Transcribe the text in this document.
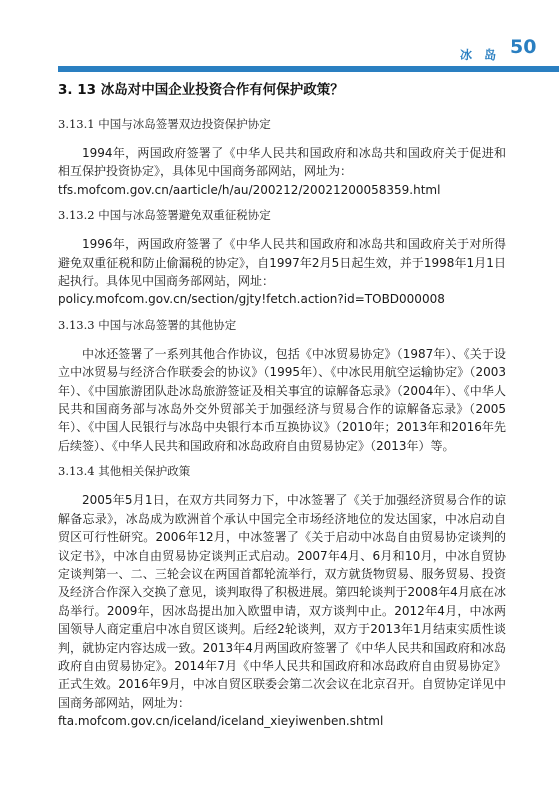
冰 岛 50
3. 13 冰岛对中国企业投资合作有何保护政策？
3.13.1 中国与冰岛签署双边投资保护协定

1994年，两国政府签署了《中华人民共和国政府和冰岛共和国政府关于促进和相互保护投资协定》，具体见中国商务部网站，网址为：
tfs.mofcom.gov.cn/aarticle/h/au/200212/20021200058359.html

3.13.2 中国与冰岛签署避免双重征税协定

1996年，两国政府签署了《中华人民共和国政府和冰岛共和国政府关于对所得避免双重征税和防止偷漏税的协定》，自1997年2月5日起生效，并于1998年1月1日起执行。具体见中国商务部网站，网址：
policy.mofcom.gov.cn/section/gjty!fetch.action?id=TOBD000008

3.13.3 中国与冰岛签署的其他协定

中冰还签署了一系列其他合作协议，包括《中冰贸易协定》（1987年）、《关于设立中冰贸易与经济合作联委会的协议》（1995年）、《中冰民用航空运输协定》（2003年）、《中国旅游团队赴冰岛旅游签证及相关事宜的谅解备忘录》（2004年）、《中华人民共和国商务部与冰岛外交外贸部关于加强经济与贸易合作的谅解备忘录》（2005年）、《中国人民银行与冰岛中央银行本币互换协议》（2010年；2013年和2016年先后续签）、《中华人民共和国政府和冰岛政府自由贸易协定》（2013年）等。

3.13.4 其他相关保护政策

2005年5月1日，在双方共同努力下，中冰签署了《关于加强经济贸易合作的谅解备忘录》，冰岛成为欧洲首个承认中国完全市场经济地位的发达国家，中冰启动自贸区可行性研究。2006年12月，中冰签署了《关于启动中冰岛自由贸易协定谈判的议定书》，中冰自由贸易协定谈判正式启动。2007年4月、6月和10月，中冰自贸协定谈判第一、二、三轮会议在两国首都轮流举行，双方就货物贸易、服务贸易、投资及经济合作深入交换了意见，谈判取得了积极进展。第四轮谈判于2008年4月底在冰岛举行。2009年，因冰岛提出加入欧盟申请，双方谈判中止。2012年4月，中冰两国领导人商定重启中冰自贸区谈判。后经2轮谈判，双方于2013年1月结束实质性谈判，就协定内容达成一致。2013年4月两国政府签署了《中华人民共和国政府和冰岛政府自由贸易协定》。2014年7月《中华人民共和国政府和冰岛政府自由贸易协定》正式生效。2016年9月，中冰自贸区联委会第二次会议在北京召开。自贸协定详见中国商务部网站，网址为：
fta.mofcom.gov.cn/iceland/iceland_xieyiwenben.shtml
